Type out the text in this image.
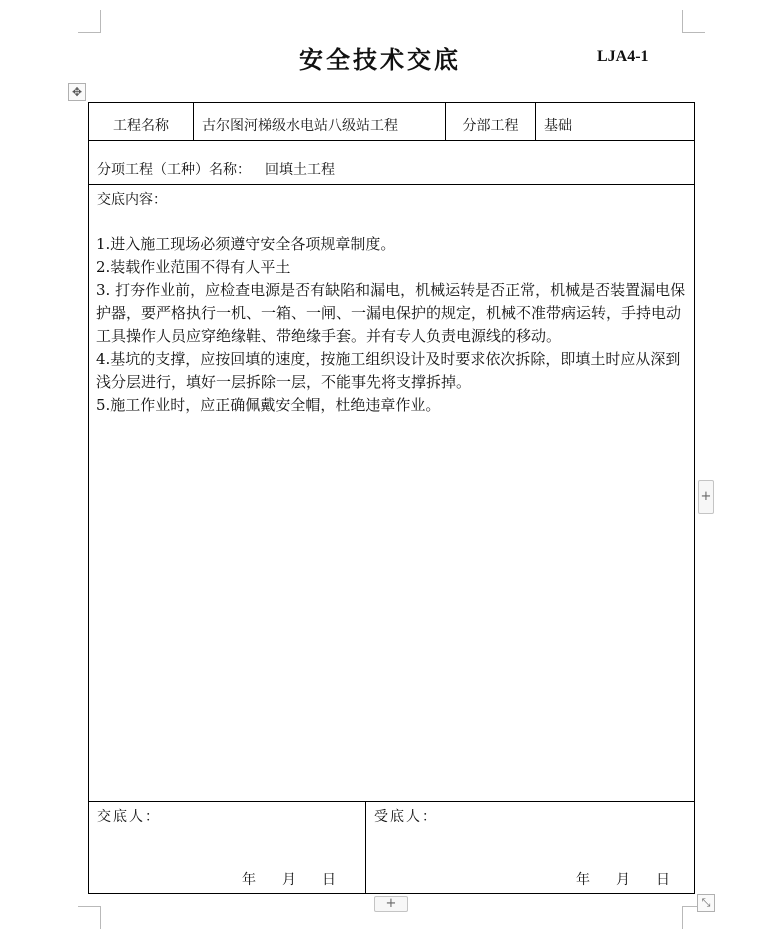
安全技术交底	LJA4-1
✥
工程名称	古尔图河梯级水电站八级站工程	分部工程	基础
分项工程（工种）名称： 回填土工程
交底内容：
1.进入施工现场必须遵守安全各项规章制度。
2.装载作业范围不得有人平土
3. 打夯作业前，应检查电源是否有缺陷和漏电，机械运转是否正常，机械是否装置漏电保护器，要严格执行一机、一箱、一闸、一漏电保护的规定，机械不准带病运转，手持电动工具操作人员应穿绝缘鞋、带绝缘手套。并有专人负责电源线的移动。
4.基坑的支撑，应按回填的速度，按施工组织设计及时要求依次拆除，即填土时应从深到浅分层进行，填好一层拆除一层，不能事先将支撑拆掉。
5.施工作业时，应正确佩戴安全帽，杜绝违章作业。
交底人：
年 月 日
受底人：
年 月 日
+
+	⤡
